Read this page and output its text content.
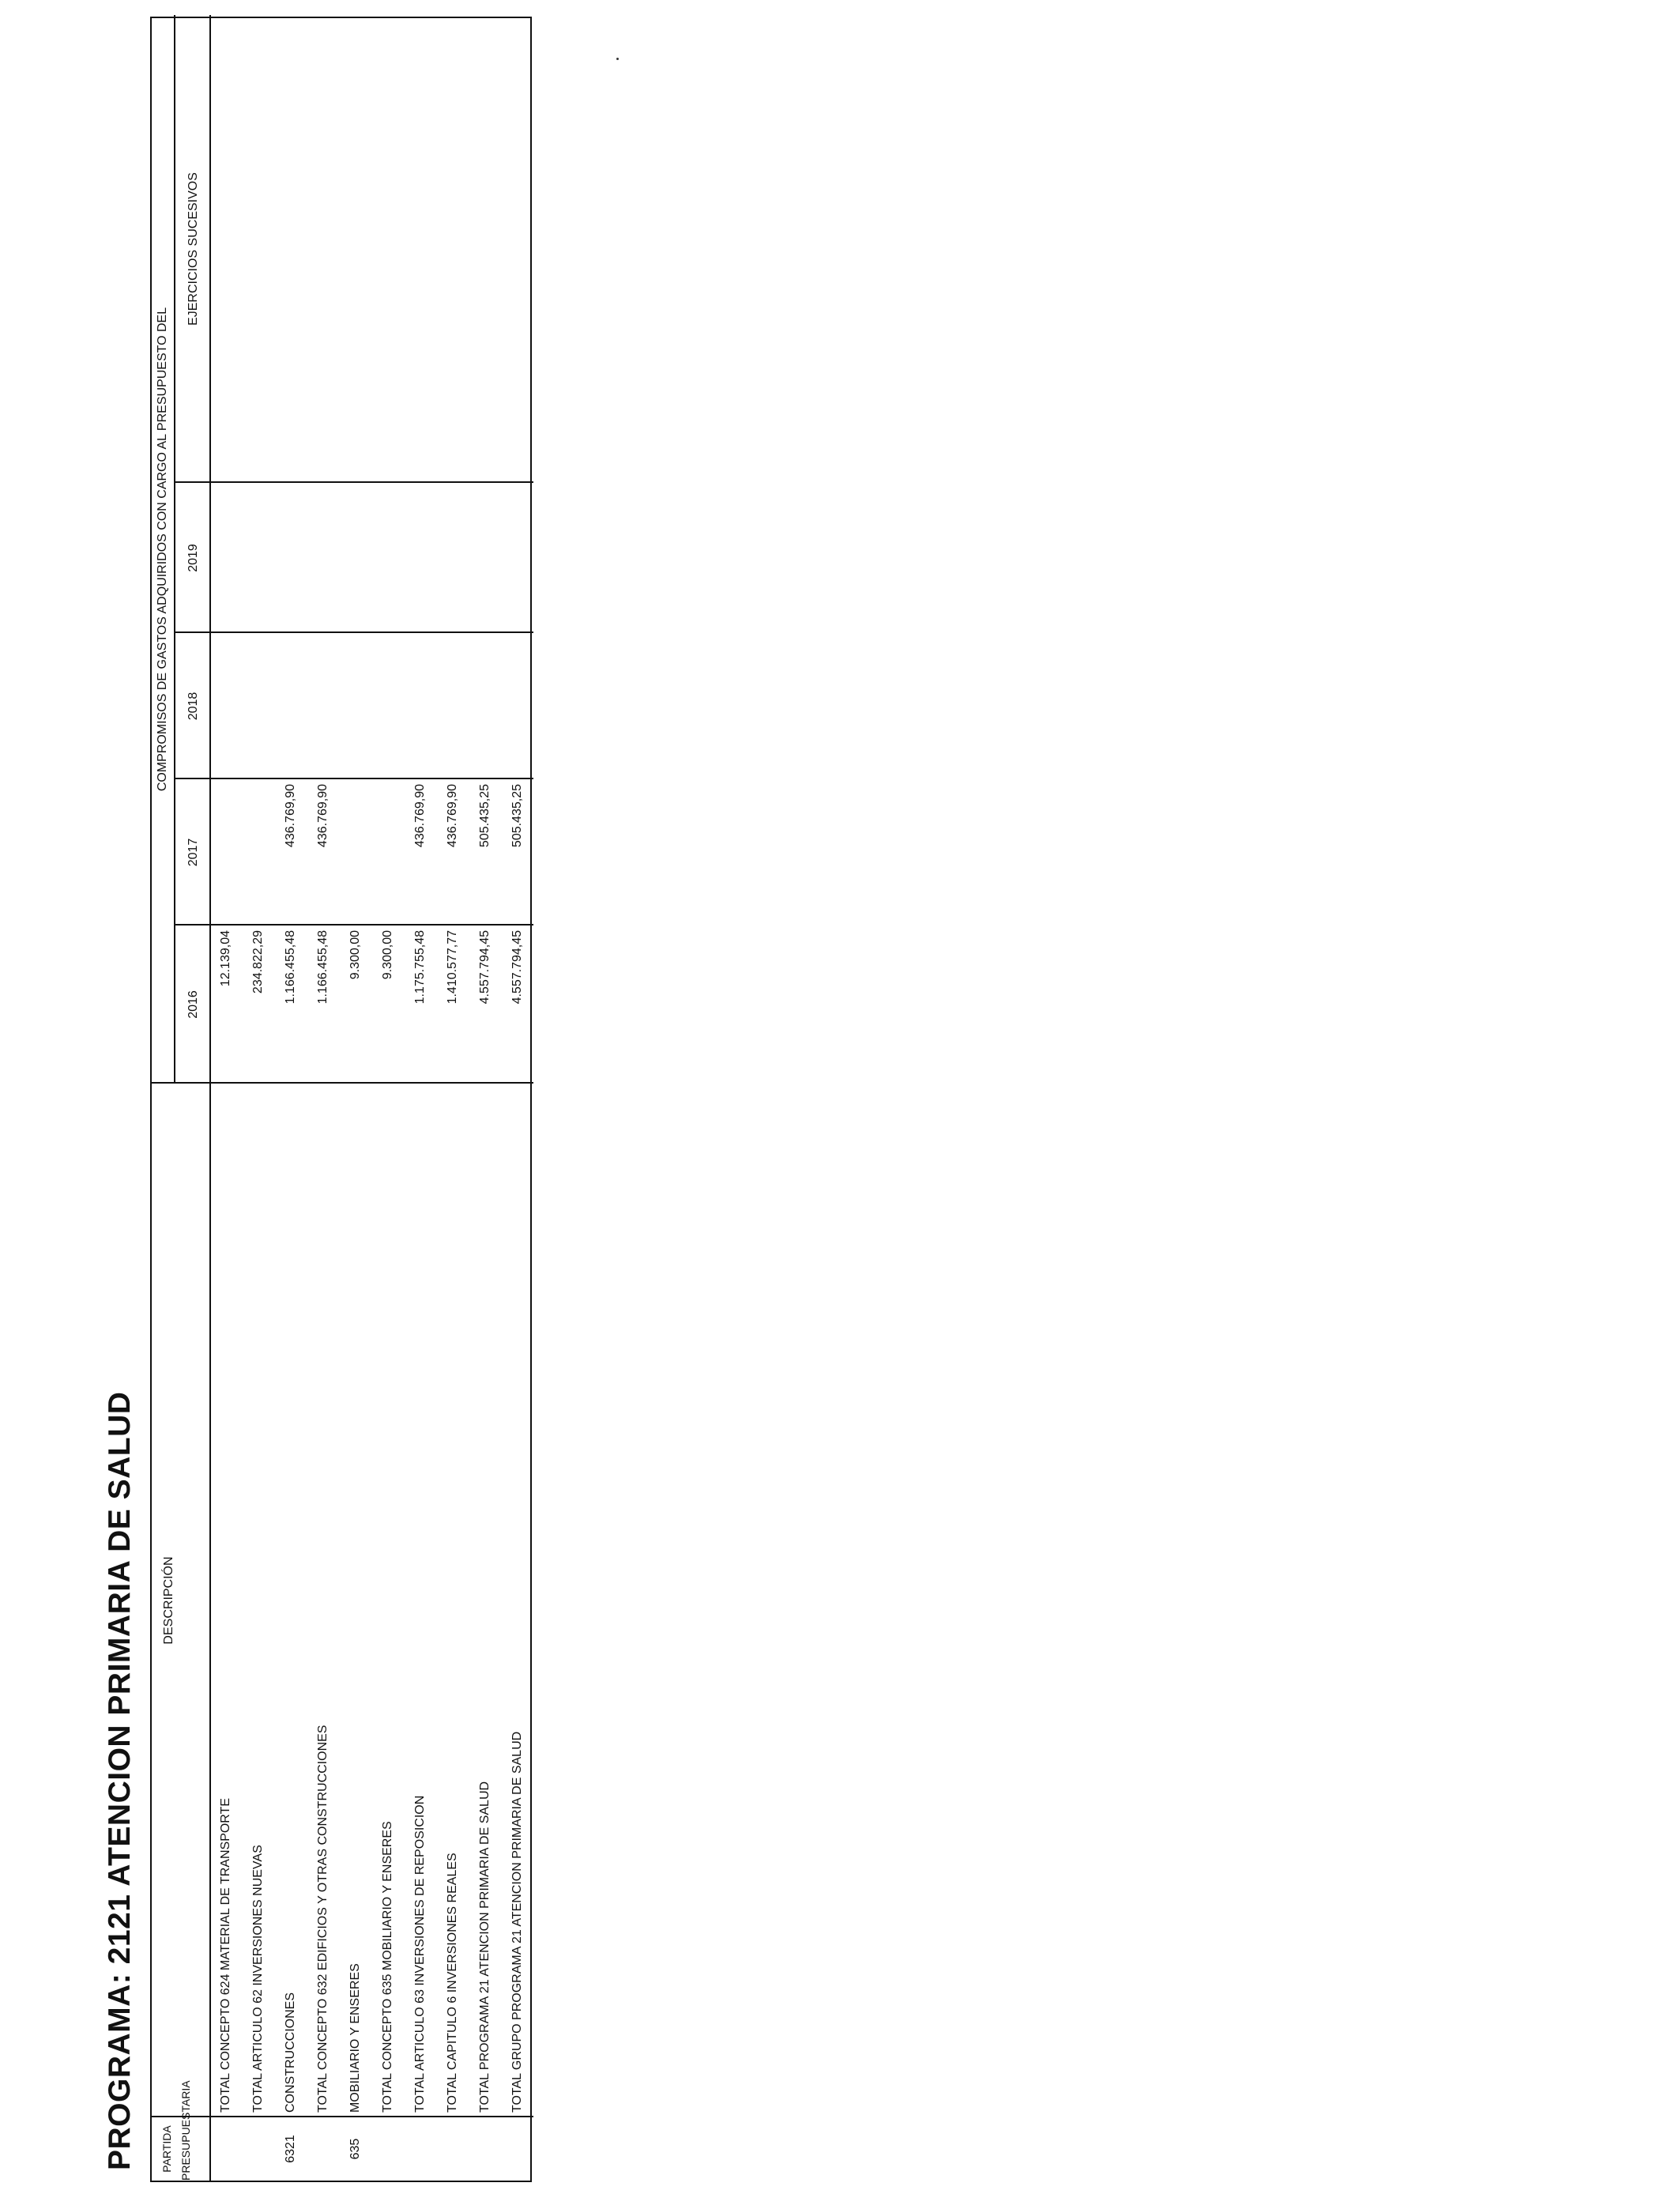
PROGRAMA: 2121 ATENCION PRIMARIA DE SALUD PARTIDA PRESUPUESTARIA
DESCRIPCIÓN
COMPROMISOS DE GASTOS ADQUIRIDOS CON CARGO AL PRESUPUESTO DEL
2016
2017
2018
2019
EJERCICIOS SUCESIVOS
TOTAL CONCEPTO 624 MATERIAL DE TRANSPORTE
12.139,04
TOTAL ARTICULO 62 INVERSIONES NUEVAS
234.822,29
6321
CONSTRUCCIONES
1.166.455,48
436.769,90
TOTAL CONCEPTO 632 EDIFICIOS Y OTRAS CONSTRUCCIONES
1.166.455,48
436.769,90
635
MOBILIARIO Y ENSERES
9.300,00
TOTAL CONCEPTO 635 MOBILIARIO Y ENSERES
9.300,00
TOTAL ARTICULO 63 INVERSIONES DE REPOSICION
1.175.755,48
436.769,90
TOTAL CAPITULO 6 INVERSIONES REALES
1.410.577,77
436.769,90
TOTAL PROGRAMA 21 ATENCION PRIMARIA DE SALUD
4.557.794,45
505.435,25
TOTAL GRUPO PROGRAMA 21 ATENCION PRIMARIA DE SALUD
4.557.794,45
505.435,25
